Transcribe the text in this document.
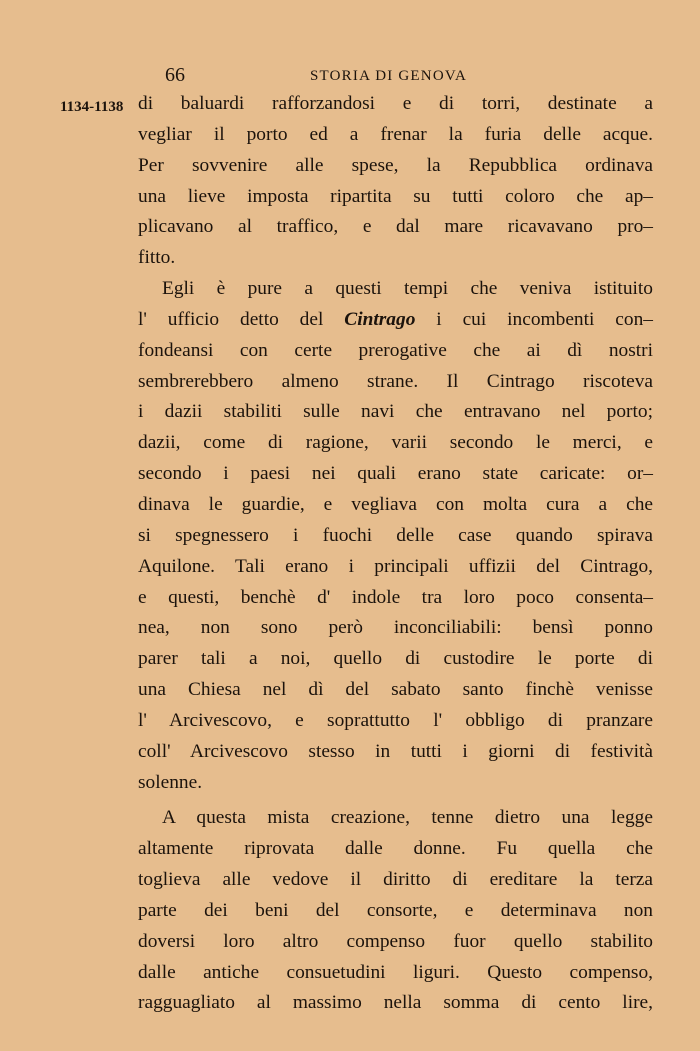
66	STORIA DI GENOVA
1134-1138 di baluardi rafforzandosi e di torri, destinate a
vegliar il porto ed a frenar la furia delle acque.
Per sovvenire alle spese, la Repubblica ordinava
una lieve imposta ripartita su tutti coloro che ap–
plicavano al traffico, e dal mare ricavavano pro–
fitto.
Egli è pure a questi tempi che veniva istituito
l' ufficio detto del Cintrago i cui incombenti con–
fondeansi con certe prerogative che ai dì nostri
sembrerebbero almeno strane. Il Cintrago riscoteva
i dazii stabiliti sulle navi che entravano nel porto;
dazii, come di ragione, varii secondo le merci, e
secondo i paesi nei quali erano state caricate: or–
dinava le guardie, e vegliava con molta cura a che
si spegnessero i fuochi delle case quando spirava
Aquilone. Tali erano i principali uffizii del Cintrago,
e questi, benchè d' indole tra loro poco consenta–
nea, non sono però inconciliabili: bensì ponno
parer tali a noi, quello di custodire le porte di
una Chiesa nel dì del sabato santo finchè venisse
l' Arcivescovo, e soprattutto l' obbligo di pranzare
coll' Arcivescovo stesso in tutti i giorni di festività
solenne.
A questa mista creazione, tenne dietro una legge
altamente riprovata dalle donne. Fu quella che
toglieva alle vedove il diritto di ereditare la terza
parte dei beni del consorte, e determinava non
doversi loro altro compenso fuor quello stabilito
dalle antiche consuetudini liguri. Questo compenso,
ragguagliato al massimo nella somma di cento lire,
